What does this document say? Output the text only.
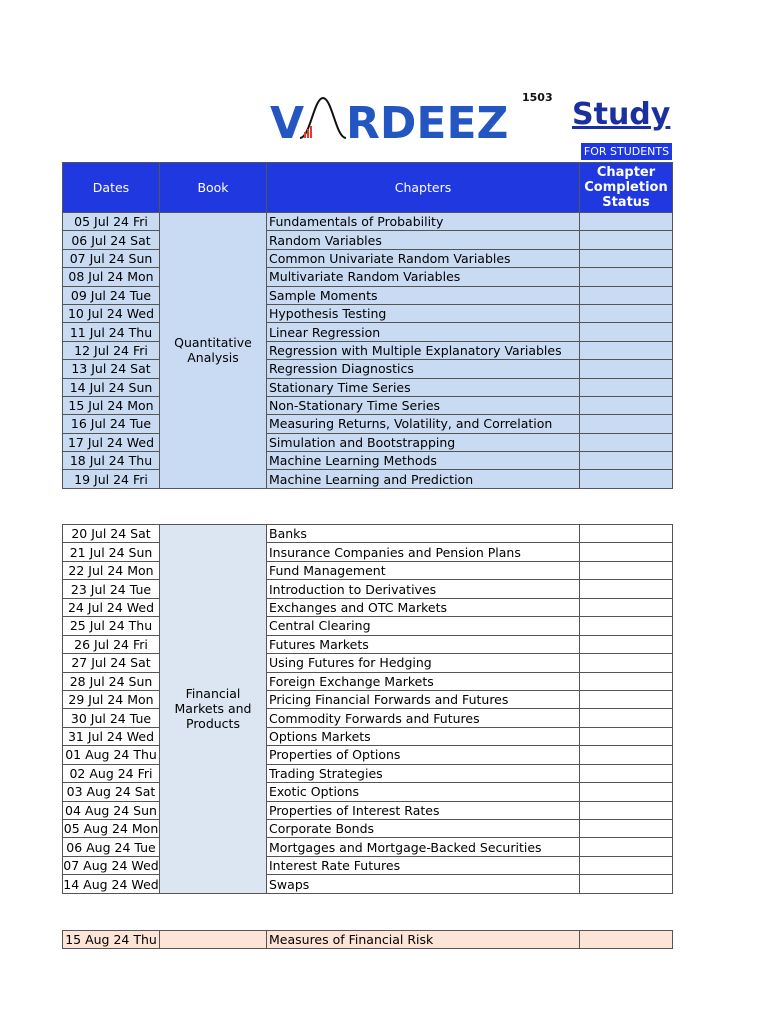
V RDEEZ
1503 Study
FOR STUDENTS
Dates	Book	Chapters	Chapter Completion Status
05 Jul 24 Fri	Quantitative Analysis	Fundamentals of Probability	
06 Jul 24 Sat		Random Variables	
07 Jul 24 Sun		Common Univariate Random Variables	
08 Jul 24 Mon		Multivariate Random Variables	
09 Jul 24 Tue		Sample Moments	
10 Jul 24 Wed		Hypothesis Testing	
11 Jul 24 Thu		Linear Regression	
12 Jul 24 Fri		Regression with Multiple Explanatory Variables	
13 Jul 24 Sat		Regression Diagnostics	
14 Jul 24 Sun		Stationary Time Series	
15 Jul 24 Mon		Non-Stationary Time Series	
16 Jul 24 Tue		Measuring Returns, Volatility, and Correlation	
17 Jul 24 Wed		Simulation and Bootstrapping	
18 Jul 24 Thu		Machine Learning Methods	
19 Jul 24 Fri		Machine Learning and Prediction	
20 Jul 24 Sat	Financial Markets and Products	Banks	
21 Jul 24 Sun		Insurance Companies and Pension Plans	
22 Jul 24 Mon		Fund Management	
23 Jul 24 Tue		Introduction to Derivatives	
24 Jul 24 Wed		Exchanges and OTC Markets	
25 Jul 24 Thu		Central Clearing	
26 Jul 24 Fri		Futures Markets	
27 Jul 24 Sat		Using Futures for Hedging	
28 Jul 24 Sun		Foreign Exchange Markets	
29 Jul 24 Mon		Pricing Financial Forwards and Futures	
30 Jul 24 Tue		Commodity Forwards and Futures	
31 Jul 24 Wed		Options Markets	
01 Aug 24 Thu		Properties of Options	
02 Aug 24 Fri		Trading Strategies	
03 Aug 24 Sat		Exotic Options	
04 Aug 24 Sun		Properties of Interest Rates	
05 Aug 24 Mon		Corporate Bonds	
06 Aug 24 Tue		Mortgages and Mortgage-Backed Securities	
07 Aug 24 Wed		Interest Rate Futures	
14 Aug 24 Wed		Swaps	
15 Aug 24 Thu		Measures of Financial Risk	
